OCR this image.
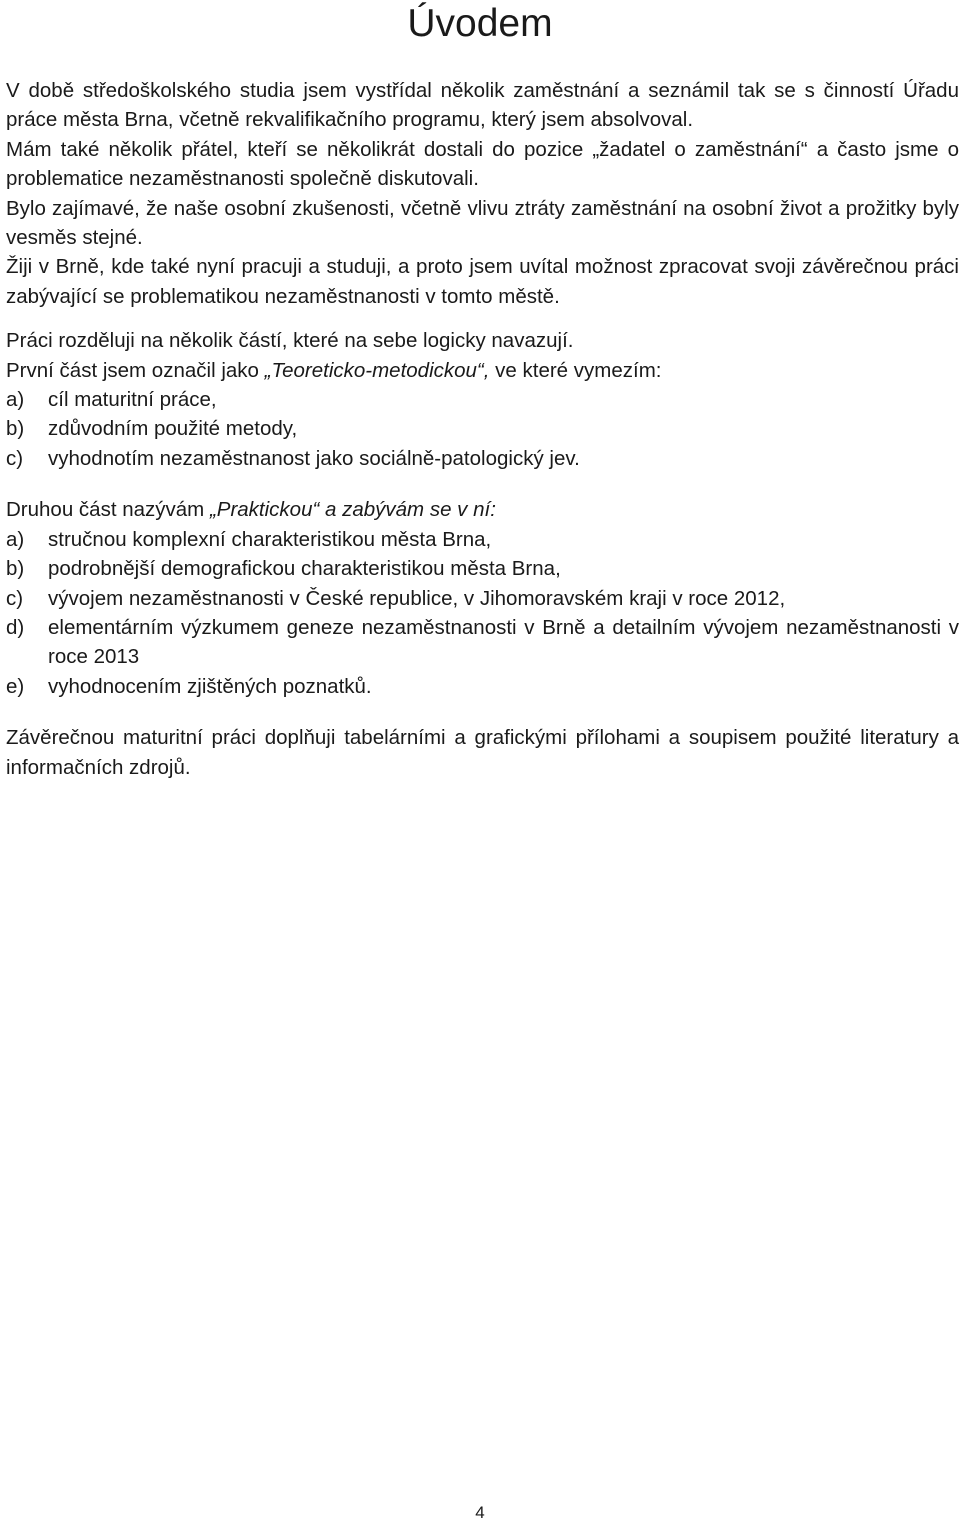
Úvodem

V době středoškolského studia jsem vystřídal několik zaměstnání a seznámil tak se s činností Úřadu práce města Brna, včetně rekvalifikačního programu, který jsem absolvoval.

Mám také několik přátel, kteří se několikrát dostali do pozice „žadatel o zaměstnání“ a často jsme o problematice nezaměstnanosti společně diskutovali.

Bylo zajímavé, že naše osobní zkušenosti, včetně vlivu ztráty zaměstnání na osobní život a prožitky byly vesměs stejné.

Žiji v Brně, kde také nyní pracuji a studuji, a proto jsem uvítal možnost zpracovat svoji závěrečnou práci zabývající se problematikou nezaměstnanosti v tomto městě.

Práci rozděluji na několik částí, které na sebe logicky navazují.

První část jsem označil jako „Teoreticko-metodickou“, ve které vymezím:

a)	cíl maturitní práce,
b)	zdůvodním použité metody,
c)	vyhodnotím nezaměstnanost jako sociálně-patologický jev.

Druhou část nazývám „Praktickou“ a zabývám se v ní:

a)	stručnou komplexní charakteristikou města Brna,
b)	podrobnější demografickou charakteristikou města Brna,
c)	vývojem nezaměstnanosti v České republice, v Jihomoravském kraji v roce 2012,
d)	elementárním výzkumem geneze nezaměstnanosti v Brně a detailním vývojem nezaměstnanosti v roce 2013
e)	vyhodnocením zjištěných poznatků.

Závěrečnou maturitní práci doplňuji tabelárními a grafickými přílohami a soupisem použité literatury a informačních zdrojů.

4
